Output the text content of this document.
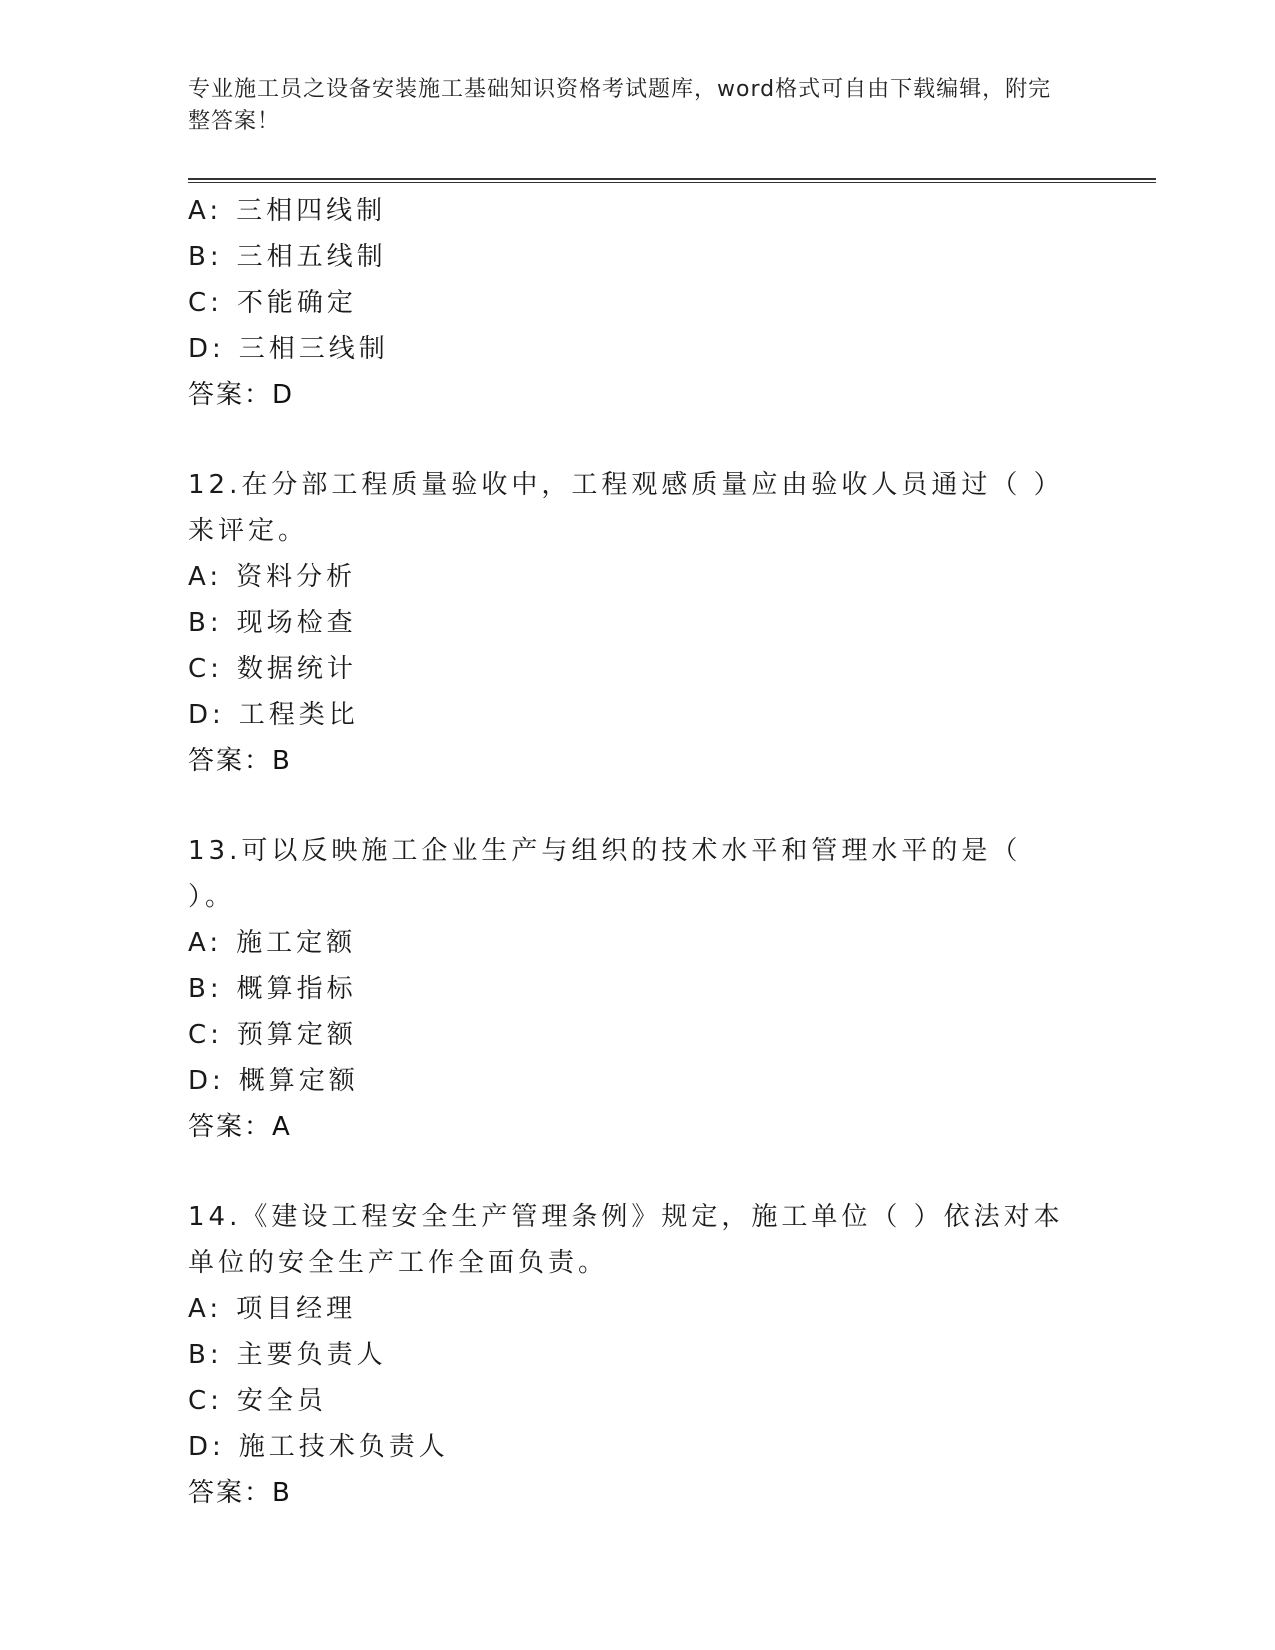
专业施工员之设备安装施工基础知识资格考试题库，word格式可自由下载编辑，附完整答案！
A: 三相四线制
B: 三相五线制
C: 不能确定
D: 三相三线制
答案：D
12.在分部工程质量验收中，工程观感质量应由验收人员通过（ ）来评定。
A: 资料分析
B: 现场检查
C: 数据统计
D: 工程类比
答案：B
13.可以反映施工企业生产与组织的技术水平和管理水平的是（ ）。
A: 施工定额
B: 概算指标
C: 预算定额
D: 概算定额
答案：A
14.《建设工程安全生产管理条例》规定，施工单位（ ）依法对本单位的安全生产工作全面负责。
A: 项目经理
B: 主要负责人
C: 安全员
D: 施工技术负责人
答案：B
